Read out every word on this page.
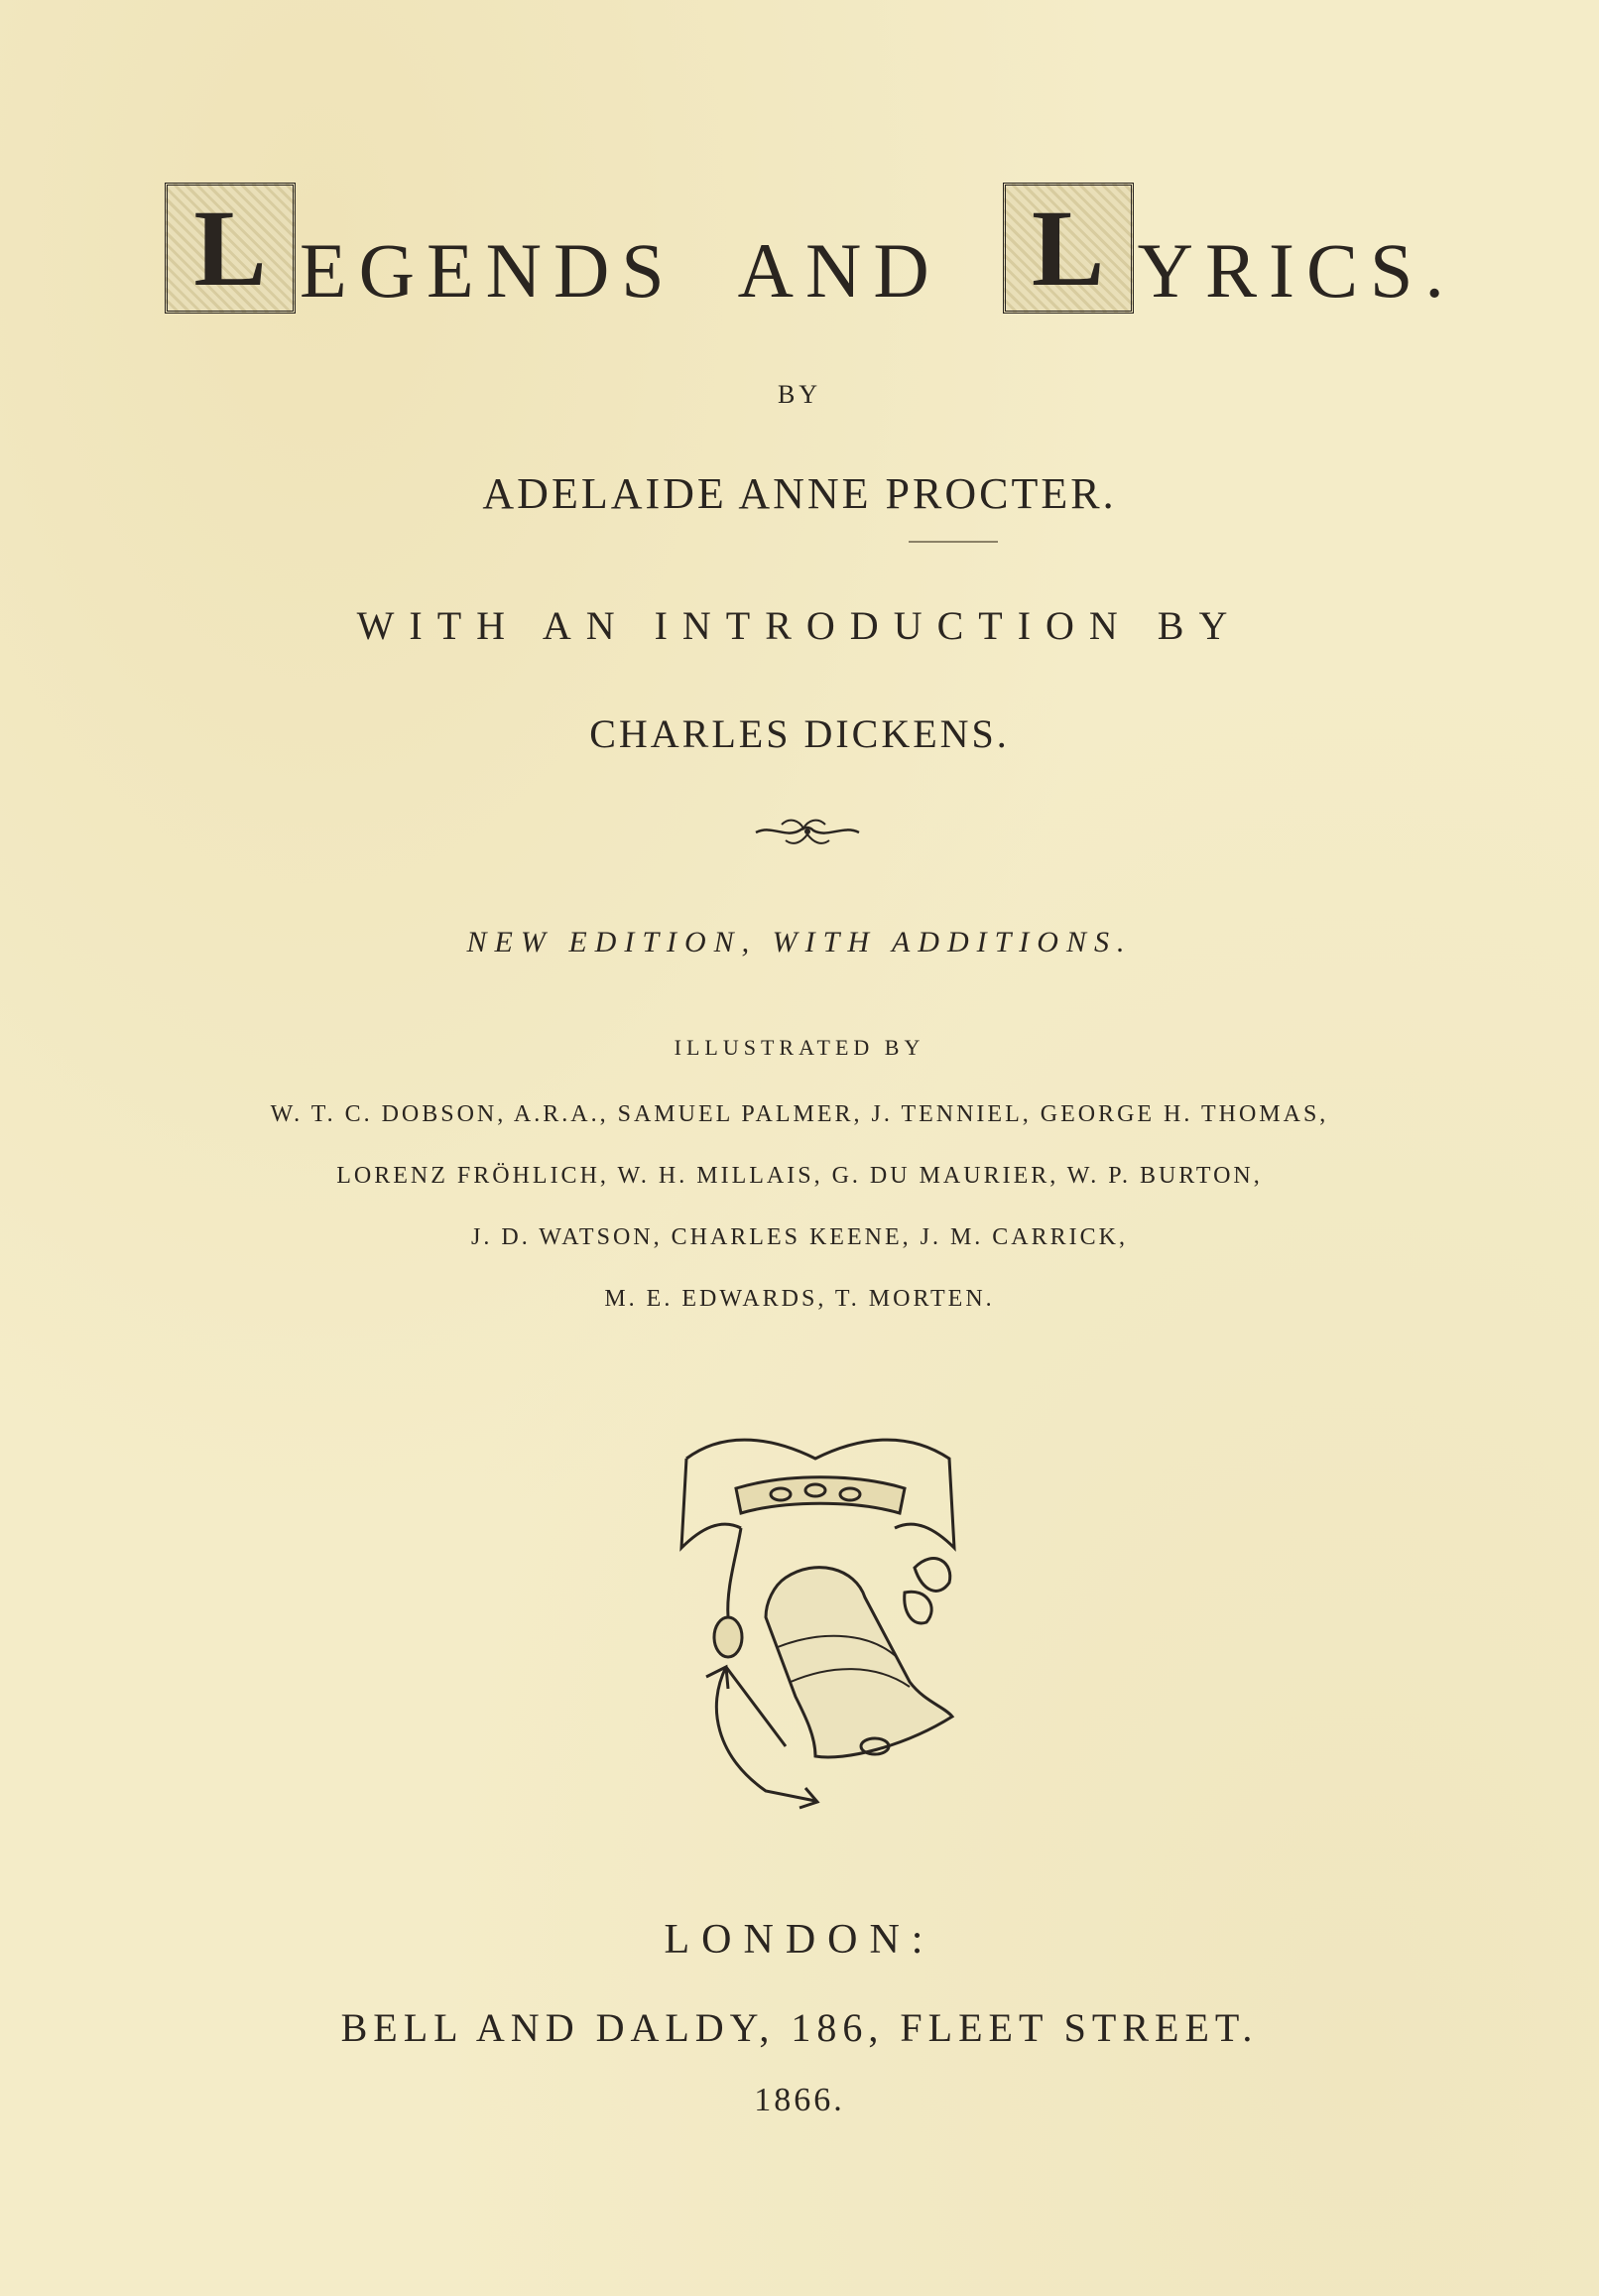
L EGENDS AND L YRICS.
BY
ADELAIDE ANNE PROCTER.
WITH AN INTRODUCTION BY
CHARLES DICKENS.
NEW EDITION, WITH ADDITIONS.
ILLUSTRATED BY
W. T. C. DOBSON, A.R.A., SAMUEL PALMER, J. TENNIEL, GEORGE H. THOMAS,
LORENZ FRÖHLICH, W. H. MILLAIS, G. DU MAURIER, W. P. BURTON,
J. D. WATSON, CHARLES KEENE, J. M. CARRICK,
M. E. EDWARDS, T. MORTEN.
LONDON:
BELL AND DALDY, 186, FLEET STREET.
1866.
